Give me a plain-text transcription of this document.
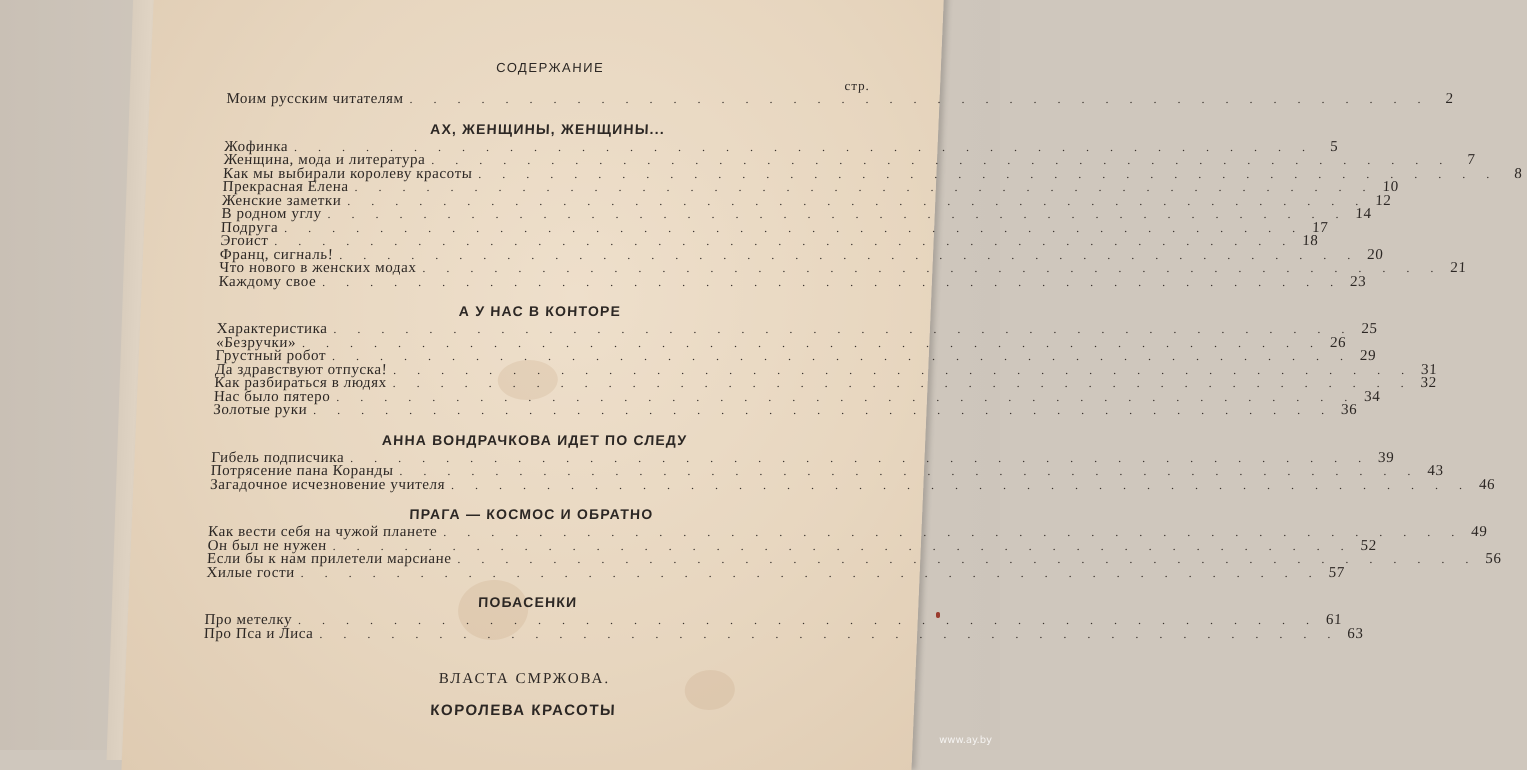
СОДЕРЖАНИЕ
стр.
Моим русским читателям . . . . . . . . . . . . . . . . . . . . . . . . . . . . . . . . . . . . . . . . . . .	2
АХ, ЖЕНЩИНЫ, ЖЕНЩИНЫ...
Жофинка . . . . . . . . . . . . . . . . . . . . . . . . . . . . . . . . . . . . . . . . . . .	5
Женщина, мода и литература . . . . . . . . . . . . . . . . . . . . . . . . . . . . . . . . . . . . . . . . . . .	7
Как мы выбирали королеву красоты . . . . . . . . . . . . . . . . . . . . . . . . . . . . . . . . . . . . . . . . . . .	8
Прекрасная Елена . . . . . . . . . . . . . . . . . . . . . . . . . . . . . . . . . . . . . . . . . . . 10
Женские заметки . . . . . . . . . . . . . . . . . . . . . . . . . . . . . . . . . . . . . . . . . . . 12
В родном углу . . . . . . . . . . . . . . . . . . . . . . . . . . . . . . . . . . . . . . . . . . . 14
Подруга . . . . . . . . . . . . . . . . . . . . . . . . . . . . . . . . . . . . . . . . . . . 17
Эгоист . . . . . . . . . . . . . . . . . . . . . . . . . . . . . . . . . . . . . . . . . . . 18
Франц, сигналь! . . . . . . . . . . . . . . . . . . . . . . . . . . . . . . . . . . . . . . . . . . . 20
Что нового в женских модах . . . . . . . . . . . . . . . . . . . . . . . . . . . . . . . . . . . . . . . . . . . 21
Каждому свое . . . . . . . . . . . . . . . . . . . . . . . . . . . . . . . . . . . . . . . . . . . 23
А У НАС В КОНТОРЕ
Характеристика . . . . . . . . . . . . . . . . . . . . . . . . . . . . . . . . . . . . . . . . . . . 25
«Безручки» . . . . . . . . . . . . . . . . . . . . . . . . . . . . . . . . . . . . . . . . . . . 26
Грустный робот . . . . . . . . . . . . . . . . . . . . . . . . . . . . . . . . . . . . . . . . . . . 29
Да здравствуют отпуска! . . . . . . . . . . . . . . . . . . . . . . . . . . . . . . . . . . . . . . . . . . . 31
Как разбираться в людях . . . . . . . . . . . . . . . . . . . . . . . . . . . . . . . . . . . . . . . . . . . 32
Нас было пятеро . . . . . . . . . . . . . . . . . . . . . . . . . . . . . . . . . . . . . . . . . . . 34
Золотые руки . . . . . . . . . . . . . . . . . . . . . . . . . . . . . . . . . . . . . . . . . . . 36
АННА ВОНДРАЧКОВА ИДЕТ ПО СЛЕДУ
Гибель подписчика . . . . . . . . . . . . . . . . . . . . . . . . . . . . . . . . . . . . . . . . . . . 39
Потрясение пана Коранды . . . . . . . . . . . . . . . . . . . . . . . . . . . . . . . . . . . . . . . . . . . 43
Загадочное исчезновение учителя . . . . . . . . . . . . . . . . . . . . . . . . . . . . . . . . . . . . . . . . . . . 46
ПРАГА — КОСМОС И ОБРАТНО
Как вести себя на чужой планете . . . . . . . . . . . . . . . . . . . . . . . . . . . . . . . . . . . . . . . . . . . 49
Он был не нужен . . . . . . . . . . . . . . . . . . . . . . . . . . . . . . . . . . . . . . . . . . . 52
Если бы к нам прилетели марсиане . . . . . . . . . . . . . . . . . . . . . . . . . . . . . . . . . . . . . . . . . . . 56
Хилые гости . . . . . . . . . . . . . . . . . . . . . . . . . . . . . . . . . . . . . . . . . . . 57
ПОБАСЕНКИ
Про метелку . . . . . . . . . . . . . . . . . . . . . . . . . . . . . . . . . . . . . . . . . . . 61
Про Пса и Лиса . . . . . . . . . . . . . . . . . . . . . . . . . . . . . . . . . . . . . . . . . . . 63
ВЛАСТА СМРЖОВА.
КОРОЛЕВА КРАСОТЫ
www.ay.by
